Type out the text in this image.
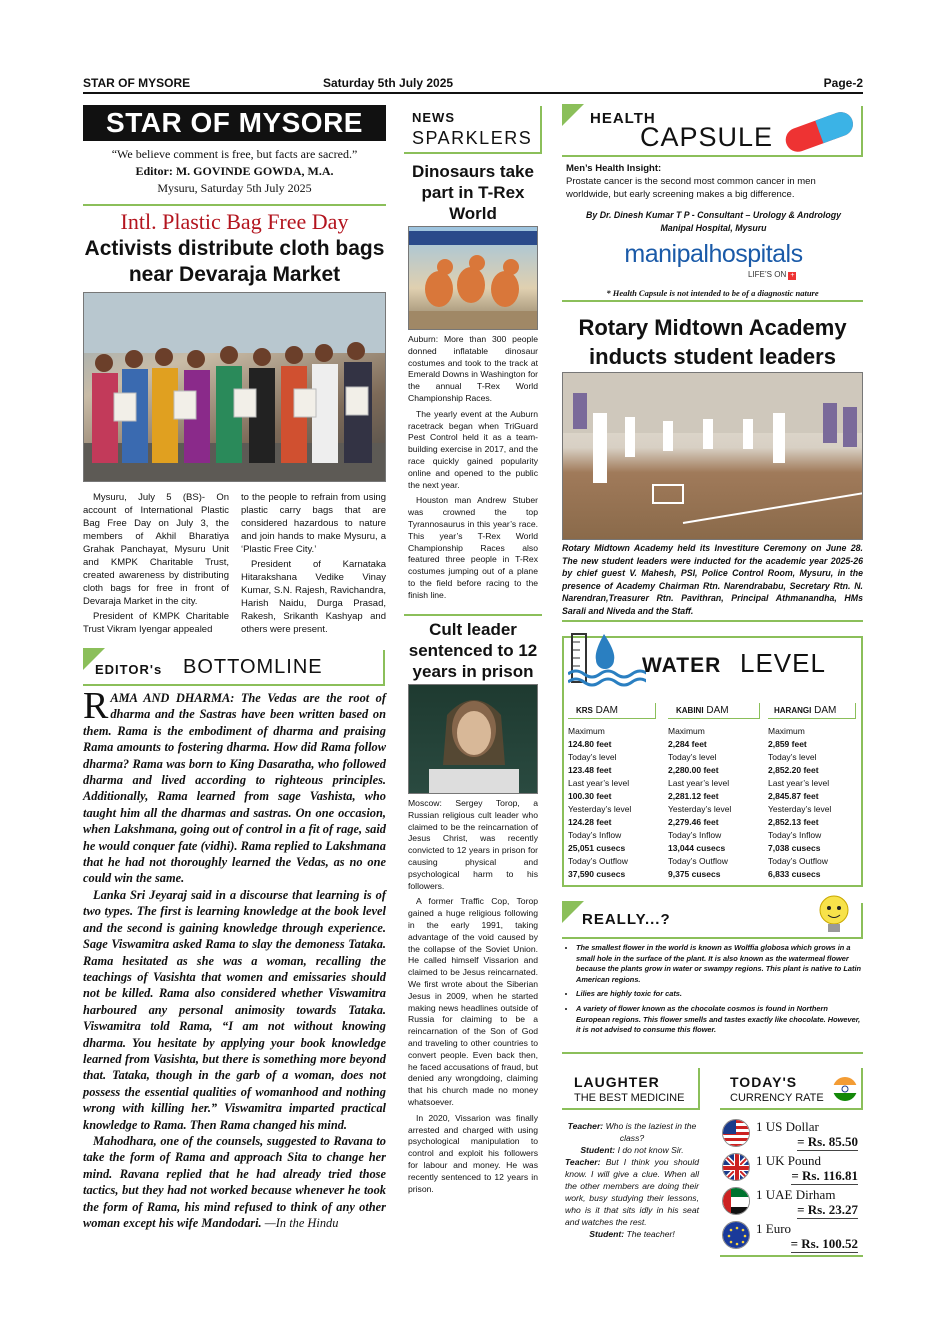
STAR OF MYSORE	Saturday 5th July 2025	Page-2
STAR OF MYSORE
“We believe comment is free, but facts are sacred.”
Editor: M. GOVINDE GOWDA, M.A.
Mysuru, Saturday 5th July 2025
Intl. Plastic Bag Free Day
Activists distribute cloth bags near Devaraja Market

Mysuru, July 5 (BS)- On account of International Plastic Bag Free Day on July 3, the members of Akhil Bharatiya Grahak Panchayat, Mysuru Unit and KMPK Charitable Trust, created awareness by distributing cloth bags for free in front of Devaraja Market in the city.

President of KMPK Charitable Trust Vikram Iyengar appealed

to the people to refrain from using plastic carry bags that are considered hazardous to nature and join hands to make Mysuru, a ‘Plastic Free City.’

President of Karnataka Hitarakshana Vedike Vinay Kumar, S.N. Rajesh, Ravichandra, Harish Naidu, Durga Prasad, Rakesh, Srikanth Kashyap and others were present.

EDITOR's BOTTOMLINE

RAMA AND DHARMA: The Vedas are the root of dharma and the Sastras have been written based on them. Rama is the embodiment of dharma and praising Rama amounts to fostering dharma. How did Rama follow dharma? Rama was born to King Dasaratha, who followed dharma and lived according to righteous principles. Additionally, Rama learned from sage Vashista, who taught him all the dharmas and sastras. On one occasion, when Lakshmana, going out of control in a fit of rage, said he would conquer fate (vidhi). Rama replied to Lakshmana that he had not thoroughly learned the Vedas, as no one could win the same.

Lanka Sri Jeyaraj said in a discourse that learning is of two types. The first is learning knowledge at the book level and the second is gaining knowledge through experience. Sage Viswamitra asked Rama to slay the demoness Tataka. Rama hesitated as she was a woman, recalling the teachings of Vasishta that women and emissaries should not be killed. Rama also considered whether Viswamitra harboured any personal animosity towards Tataka. Viswamitra told Rama, “I am not without knowing dharma. You hesitate by applying your book knowledge learned from Vasishta, but there is something more beyond that. Tataka, though in the garb of a woman, does not possess the essential qualities of womanhood and nothing wrong with killing her.” Viswamitra imparted practical knowledge to Rama. Then Rama changed his mind.

Mahodhara, one of the counsels, suggested to Ravana to take the form of Rama and approach Sita to change her mind. Ravana replied that he had already tried those tactics, but they had not worked because whenever he took the form of Rama, his mind refused to think of any other woman except his wife Mandodari. —In the Hindu

NEWS
SPARKLERS
Dinosaurs take part in T-Rex World

Auburn: More than 300 people donned inflatable dinosaur costumes and took to the track at Emerald Downs in Washington for the annual T-Rex World Championship Races.

The yearly event at the Auburn racetrack began when TriGuard Pest Control held it as a team-building exercise in 2017, and the race quickly gained popularity online and opened to the public the next year.

Houston man Andrew Stuber was crowned the top Tyrannosaurus in this year’s race. This year’s T-Rex World Championship Races also featured three people in T-Rex costumes jumping out of a plane to the field before racing to the finish line.

Cult leader sentenced to 12 years in prison

Moscow: Sergey Torop, a Russian religious cult leader who claimed to be the reincarnation of Jesus Christ, was recently convicted to 12 years in prison for causing physical and psychological harm to his followers.

A former Traffic Cop, Torop gained a huge religious following in the early 1991, taking advantage of the void caused by the collapse of the Soviet Union. He called himself Vissarion and claimed to be Jesus reincarnated. We first wrote about the Siberian Jesus in 2009, when he started making news headlines outside of Russia for claiming to be a reincarnation of the Son of God and traveling to other countries to convert people. Even back then, he faced accusations of fraud, but denied any wrongdoing, claiming that his church made no money whatsoever.

In 2020, Vissarion was finally arrested and charged with using psychological manipulation to control and exploit his followers for labour and money. He was recently sentenced to 12 years in prison.

HEALTH
CAPSULE
Men’s Health Insight:
Prostate cancer is the second most common cancer in men worldwide, but early screening makes a big difference.
By Dr. Dinesh Kumar T P - Consultant – Urology & Andrology
Manipal Hospital, Mysuru
manipalhospitals
LIFE’S ON +
* Health Capsule is not intended to be of a diagnostic nature
Rotary Midtown Academy inducts student leaders
Rotary Midtown Academy held its Investiture Ceremony on June 28. The new student leaders were inducted for the academic year 2025-26 by chief guest V. Mahesh, PSI, Police Control Room, Mysuru, in the presence of Academy Chairman Rtn. Narendrababu, Secretary Rtn. N. Narendran,Treasurer Rtn. Pavithran, Principal Athmanandha, HMs Sarali and Niveda and the Staff.
WATER LEVEL
KRS DAM
Maximum
124.80 feet
Today’s level
123.48 feet
Last year’s level
100.30 feet
Yesterday’s level
124.28 feet
Today’s Inflow
25,051 cusecs
Today’s Outflow
37,590 cusecs
KABINI DAM
Maximum
2,284 feet
Today’s level
2,280.00 feet
Last year’s level
2,281.12 feet
Yesterday’s level
2,279.46 feet
Today’s Inflow
13,044 cusecs
Today’s Outflow
9,375 cusecs
HARANGI DAM
Maximum
2,859 feet
Today’s level
2,852.20 feet
Last year’s level
2,845.87 feet
Yesterday’s level
2,852.13 feet
Today’s Inflow
7,038 cusecs
Today’s Outflow
6,833 cusecs
REALLY...?
• The smallest flower in the world is known as Wolffia globosa which grows in a small hole in the surface of the plant. It is also known as the watermeal flower because the plants grow in water or swampy regions. This plant is native to Latin American regions.
• Lilies are highly toxic for cats.
• A variety of flower known as the chocolate cosmos is found in Northern European regions. This flower smells and tastes exactly like chocolate. However, it is not advised to consume this flower.
LAUGHTER
THE BEST MEDICINE
Teacher: Who is the laziest in the class?
Student: I do not know Sir.
Teacher: But I think you should know. I will give a clue. When all the other members are doing their work, busy studying their lessons, who is it that sits idly in his seat and watches the rest.
Student: The teacher!
TODAY'S
CURRENCY RATE
1 US Dollar
= Rs. 85.50
1 UK Pound
= Rs. 116.81
1 UAE Dirham
= Rs. 23.27
1 Euro
= Rs. 100.52
